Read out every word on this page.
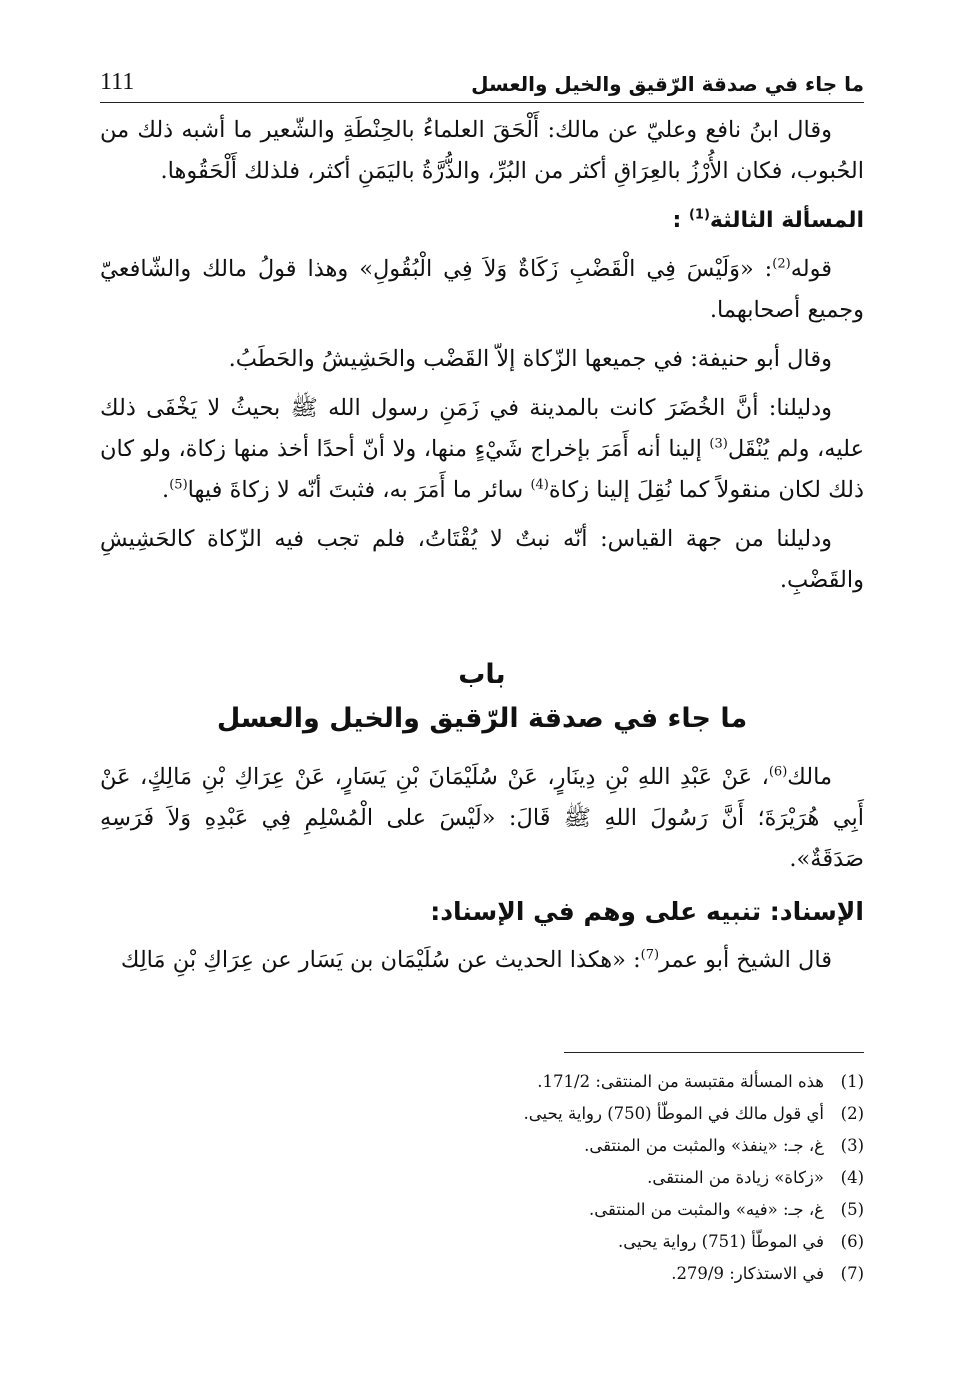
ما جاء في صدقة الرّقيق والخيل والعسل
111

وقال ابنُ نافع وعليّ عن مالك: أَلْحَقَ العلماءُ بالحِنْطَةِ والشّعير ما أشبه ذلك من الحُبوب، فكان الأُرْزُ بالعِرَاقِ أكثر من البُرِّ، والذُّرَّةُ باليَمَنِ أكثر، فلذلك أَلْحَقُوها.

المسألة الثالثة$^{(1)}$ :

قوله$^{(2)}$: «وَلَيْسَ فِي الْقَضْبِ زَكَاةٌ وَلاَ فِي الْبُقُولِ» وهذا قولُ مالك والشّافعيّ وجميع أصحابهما.

وقال أبو حنيفة: في جميعها الزّكاة إلاّ القَضْب والحَشِيشُ والحَطَبُ.

ودليلنا: أنَّ الخُضَرَ كانت بالمدينة في زَمَنِ رسول الله ﷺ بحيثُ لا يَخْفَى ذلك عليه، ولم يُنْقَل$^{(3)}$ إلينا أنه أَمَرَ بإخراج شَيْءٍ منها، ولا أنّ أحدًا أخذ منها زكاة، ولو كان ذلك لكان منقولاً كما نُقِلَ إلينا زكاة$^{(4)}$ سائر ما أَمَرَ به، فثبتَ أنّه لا زكاةَ فيها$^{(5)}$.

ودليلنا من جهة القياس: أنّه نبتٌ لا يُقْتَاتُ، فلم تجب فيه الزّكاة كالحَشِيشِ والقَضْبِ.

باب
ما جاء في صدقة الرّقيق والخيل والعسل

مالك$^{(6)}$، عَنْ عَبْدِ اللهِ بْنِ دِينَارٍ، عَنْ سُلَيْمَانَ بْنِ يَسَارٍ، عَنْ عِرَاكِ بْنِ مَالِكٍ، عَنْ أَبِي هُرَيْرَةَ؛ أَنَّ رَسُولَ اللهِ ﷺ قَالَ: «لَيْسَ على الْمُسْلِمِ فِي عَبْدِهِ وَلاَ فَرَسِهِ صَدَقَةٌ».

الإسناد: تنبيه على وهم في الإسناد:

قال الشيخ أبو عمر$^{(7)}$: «هكذا الحديث عن سُلَيْمَان بن يَسَار عن عِرَاكِ بْنِ مَالِك

(1)
هذه المسألة مقتبسة من المنتقى: 171/2.
(2)
أي قول مالك في الموطّأ (750) رواية يحيى.
(3)
غ، جـ: «ينفذ» والمثبت من المنتقى.
(4)
«زكاة» زيادة من المنتقى.
(5)
غ، جـ: «فيه» والمثبت من المنتقى.
(6)
في الموطّأ (751) رواية يحيى.
(7)
في الاستذكار: 279/9.
